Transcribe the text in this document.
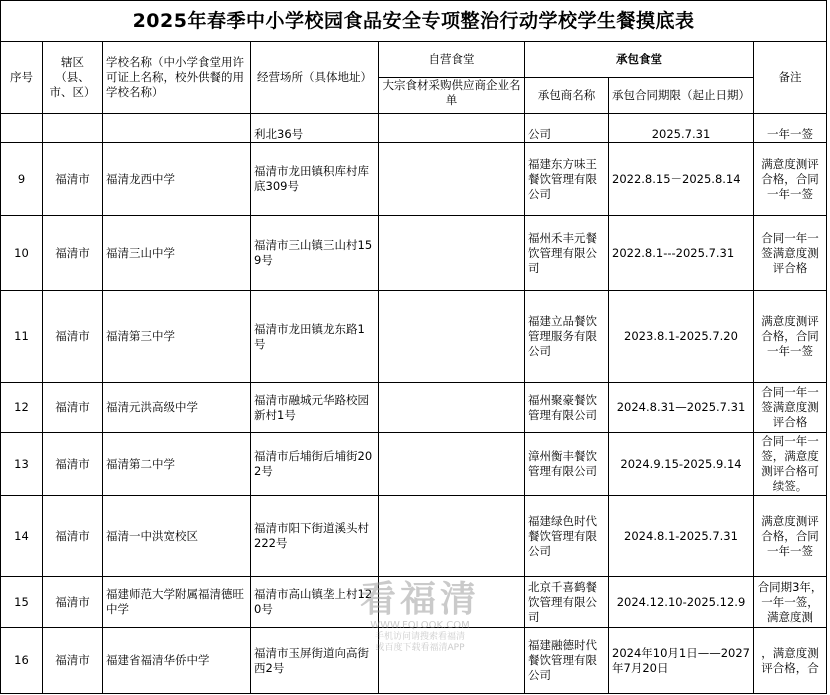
2025年春季中小学校园食品安全专项整治行动学校学生餐摸底表							
序号	辖区（县、市、区）	学校名称（中小学食堂用许可证上名称，校外供餐的用学校名称）	经营场所（具体地址）	自营食堂	承包食堂		备注
				大宗食材采购供应商企业名单	承包商名称	承包合同期限（起止日期）	

			利北36号		公司	2025.7.31	一年一签

9	福清市	福清龙西中学	福清市龙田镇积库村库底309号		福建东方味王餐饮管理有限公司	2022.8.15－2025.8.14	满意度测评合格，合同一年一签
10	福清市	福清三山中学	福清市三山镇三山村159号		福州禾丰元餐饮管理有限公司	2022.8.1---2025.7.31	合同一年一签满意度测评合格
11	福清市	福清第三中学	福清市龙田镇龙东路1号		福建立品餐饮管理服务有限公司	2023.8.1-2025.7.20	满意度测评合格，合同一年一签
12	福清市	福清元洪高级中学	福清市融城元华路校园新村1号		福州聚豪餐饮管理有限公司	2024.8.31—2025.7.31	合同一年一签满意度测评合格
13	福清市	福清第二中学	福清市后埔街后埔街202号		漳州衡丰餐饮管理有限公司	2024.9.15-2025.9.14	合同一年一签，满意度测评合格可续签。
14	福清市	福清一中洪宽校区	福清市阳下街道溪头村222号		福建绿色时代餐饮管理有限公司	2024.8.1-2025.7.31	满意度测评合格，合同一年一签
15	福清市	福建师范大学附属福清德旺中学	福清市高山镇垄上村120号		北京千喜鹤餐饮管理有限公司	2024.12.10-2025.12.9	合同期3年，一年一签，满意度测
16	福清市	福建省福清华侨中学	福清市玉屏街道向高街西2号		福建融德时代餐饮管理有限公司	2024年10月1日——2027年7月20日	，满意度测评合格，合
看福清
WWW.FQLOOK.COM
手机访问请搜索看福清
或百度下载看福清APP
